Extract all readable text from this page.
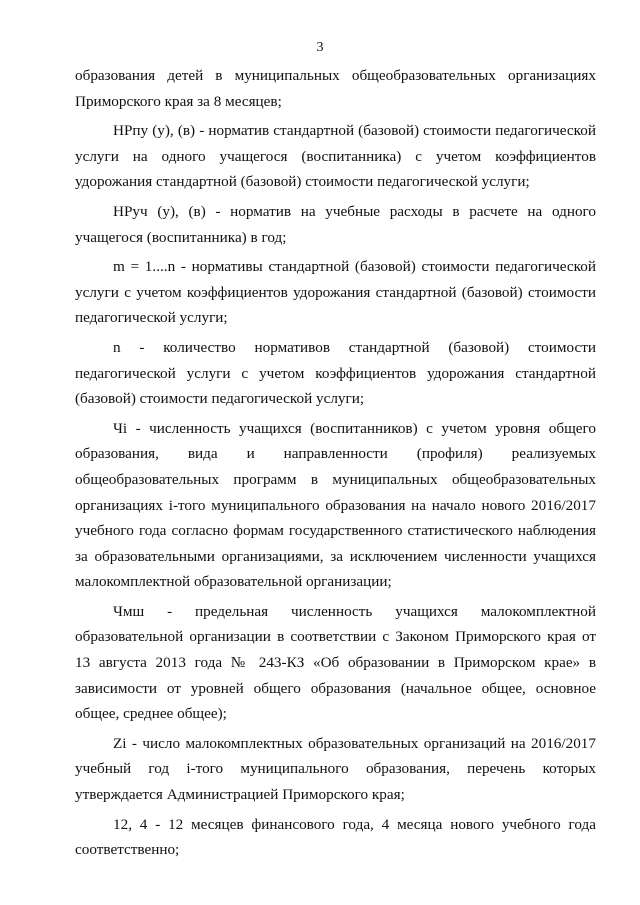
3

образования детей в муниципальных общеобразовательных организациях
Приморского края за 8 месяцев;

НРпу (у), (в) - норматив стандартной (базовой) стоимости педагогической
услуги на одного учащегося (воспитанника) с учетом коэффициентов
удорожания стандартной (базовой) стоимости педагогической услуги;

НРуч (у), (в) - норматив на учебные расходы в расчете на одного
учащегося (воспитанника) в год;

m = 1....n - нормативы стандартной (базовой) стоимости педагогической
услуги с учетом коэффициентов удорожания стандартной (базовой) стоимости
педагогической услуги;

n - количество нормативов стандартной (базовой) стоимости
педагогической услуги с учетом коэффициентов удорожания стандартной
(базовой) стоимости педагогической услуги;

Чi - численность учащихся (воспитанников) с учетом уровня общего
образования, вида и направленности (профиля) реализуемых
общеобразовательных программ в муниципальных общеобразовательных
организациях i-того муниципального образования на начало нового 2016/2017
учебного года согласно формам государственного статистического наблюдения
за образовательными организациями, за исключением численности учащихся
малокомплектной образовательной организации;

Чмш - предельная численность учащихся малокомплектной
образовательной организации в соответствии с Законом Приморского края от
13 августа 2013 года № 243-КЗ «Об образовании в Приморском крае» в
зависимости от уровней общего образования (начальное общее, основное
общее, среднее общее);

Zi - число малокомплектных образовательных организаций на 2016/2017
учебный год i-того муниципального образования, перечень которых
утверждается Администрацией Приморского края;

12, 4 - 12 месяцев финансового года, 4 месяца нового учебного года
соответственно;
